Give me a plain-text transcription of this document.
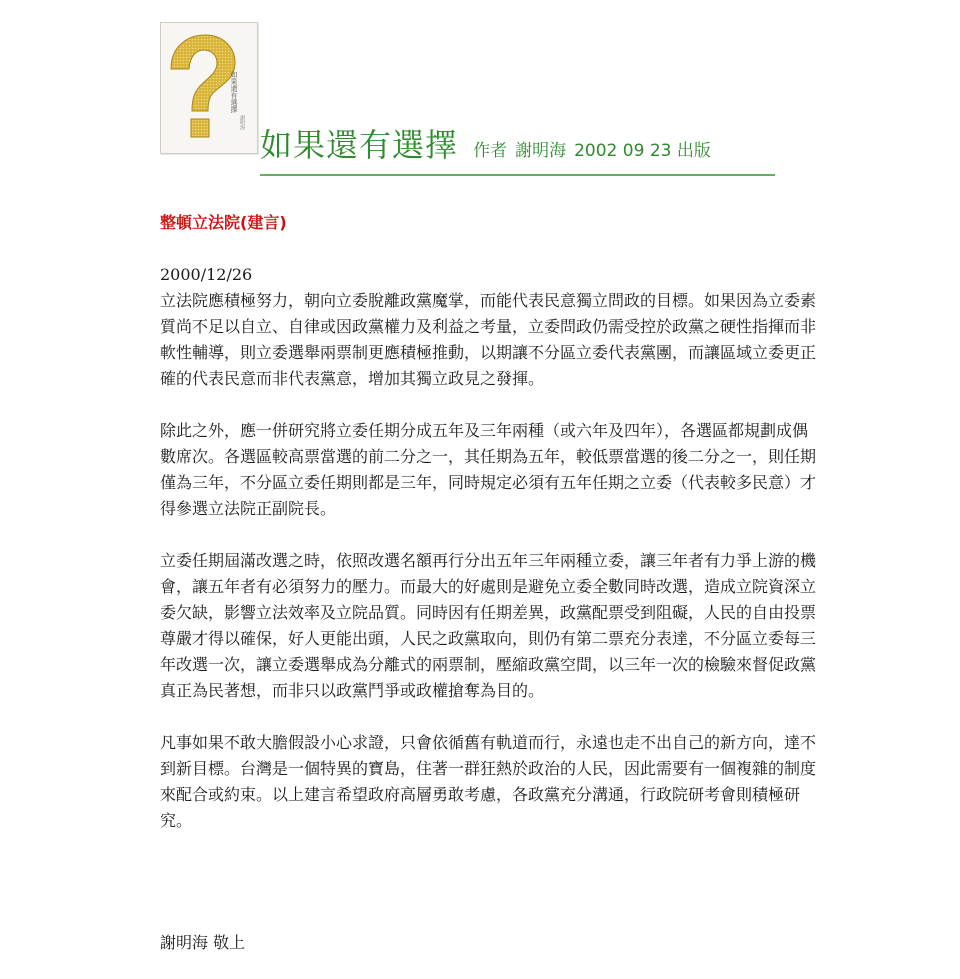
如果還有選擇
謝明海
如果還有選擇 作者 謝明海 2002 09 23 出版
整頓立法院(建言)

2000/12/26
立法院應積極努力，朝向立委脫離政黨魔掌，而能代表民意獨立問政的目標。如果因為立委素質尚不足以自立、自律或因政黨權力及利益之考量，立委問政仍需受控於政黨之硬性指揮而非軟性輔導，則立委選舉兩票制更應積極推動，以期讓不分區立委代表黨團，而讓區域立委更正確的代表民意而非代表黨意，增加其獨立政見之發揮。

除此之外，應一併研究將立委任期分成五年及三年兩種（或六年及四年），各選區都規劃成偶數席次。各選區較高票當選的前二分之一，其任期為五年，較低票當選的後二分之一，則任期僅為三年，不分區立委任期則都是三年，同時規定必須有五年任期之立委（代表較多民意）才得參選立法院正副院長。

立委任期屆滿改選之時，依照改選名額再行分出五年三年兩種立委，讓三年者有力爭上游的機會，讓五年者有必須努力的壓力。而最大的好處則是避免立委全數同時改選，造成立院資深立委欠缺，影響立法效率及立院品質。同時因有任期差異，政黨配票受到阻礙，人民的自由投票尊嚴才得以確保，好人更能出頭，人民之政黨取向，則仍有第二票充分表達，不分區立委每三年改選一次，讓立委選舉成為分離式的兩票制，壓縮政黨空間，以三年一次的檢驗來督促政黨真正為民著想，而非只以政黨鬥爭或政權搶奪為目的。

凡事如果不敢大膽假設小心求證，只會依循舊有軌道而行，永遠也走不出自己的新方向，達不到新目標。台灣是一個特異的寶島，住著一群狂熱於政治的人民，因此需要有一個複雜的制度來配合或約束。以上建言希望政府高層勇敢考慮，各政黨充分溝通，行政院研考會則積極研究。

謝明海 敬上
